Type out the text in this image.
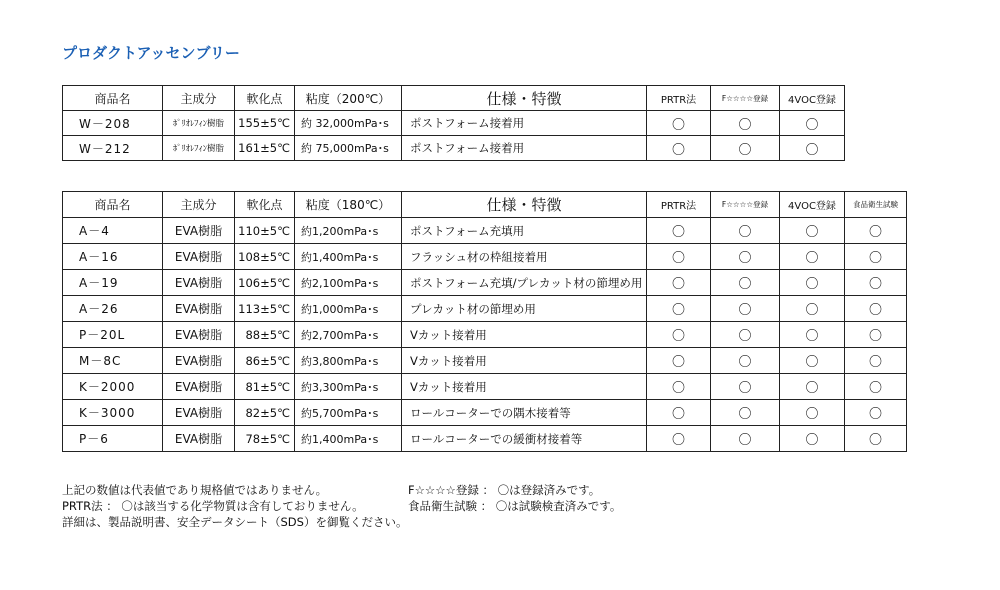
プロダクトアッセンブリー
商品名	主成分	軟化点	粘度（200℃）	仕様・特徴	PRTR法	F☆☆☆☆登録	4VOC登録
W－208	ﾎﾟﾘｵﾚﾌｨﾝ樹脂	155±5℃	約 32,000mPa･s	ポストフォーム接着用	〇	〇	〇
W－212	ﾎﾟﾘｵﾚﾌｨﾝ樹脂	161±5℃	約 75,000mPa･s	ポストフォーム接着用	〇	〇	〇
商品名	主成分	軟化点	粘度（180℃）	仕様・特徴	PRTR法	F☆☆☆☆登録	4VOC登録	食品衛生試験
A－4	EVA樹脂	110±5℃	約1,200mPa･s	ポストフォーム充填用	〇	〇	〇	〇
A－16	EVA樹脂	108±5℃	約1,400mPa･s	フラッシュ材の枠組接着用	〇	〇	〇	〇
A－19	EVA樹脂	106±5℃	約2,100mPa･s	ポストフォーム充填/プレカット材の節埋め用	〇	〇	〇	〇
A－26	EVA樹脂	113±5℃	約1,000mPa･s	プレカット材の節埋め用	〇	〇	〇	〇
P－20L	EVA樹脂	88±5℃	約2,700mPa･s	Vカット接着用	〇	〇	〇	〇
M－8C	EVA樹脂	86±5℃	約3,800mPa･s	Vカット接着用	〇	〇	〇	〇
K－2000	EVA樹脂	81±5℃	約3,300mPa･s	Vカット接着用	〇	〇	〇	〇
K－3000	EVA樹脂	82±5℃	約5,700mPa･s	ロールコーターでの隅木接着等	〇	〇	〇	〇
P－6	EVA樹脂	78±5℃	約1,400mPa･s	ロールコーターでの緩衝材接着等	〇	〇	〇	〇
上記の数値は代表値であり規格値ではありません。
PRTR法 ： 〇は該当する化学物質は含有しておりません。
詳細は、製品説明書、安全データシート（SDS）を御覧ください。
F☆☆☆☆登録 ： 〇は登録済みです。
食品衛生試験 ： 〇は試験検査済みです。
